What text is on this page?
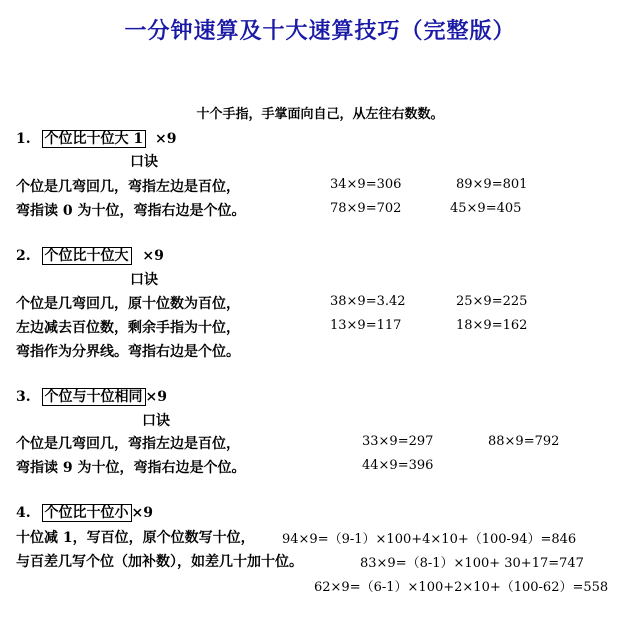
一分钟速算及十大速算技巧（完整版）
十个手指，手掌面向自己，从左往右数数。
1. 个位比十位大 1 ×9
口诀
个位是几弯回几，弯指左边是百位，	34×9=306	89×9=801
弯指读 0 为十位，弯指右边是个位。	78×9=702	45×9=405
2. 个位比十位大 ×9
口诀
个位是几弯回几，原十位数为百位，	38×9=3.42	25×9=225
左边减去百位数，剩余手指为十位，	13×9=117	18×9=162
弯指作为分界线。弯指右边是个位。
3. 个位与十位相同 ×9
口诀
个位是几弯回几，弯指左边是百位，	33×9=297	88×9=792
弯指读 9 为十位，弯指右边是个位。	44×9=396
4. 个位比十位小 ×9
十位减 1，写百位，原个位数写十位， 94×9=（9-1）×100+4×10+（100-94）=846
与百差几写个位（加补数），如差几十加十位。	83×9=（8-1）×100+ 30+17=747
62×9=（6-1）×100+2×10+（100-62）=558
